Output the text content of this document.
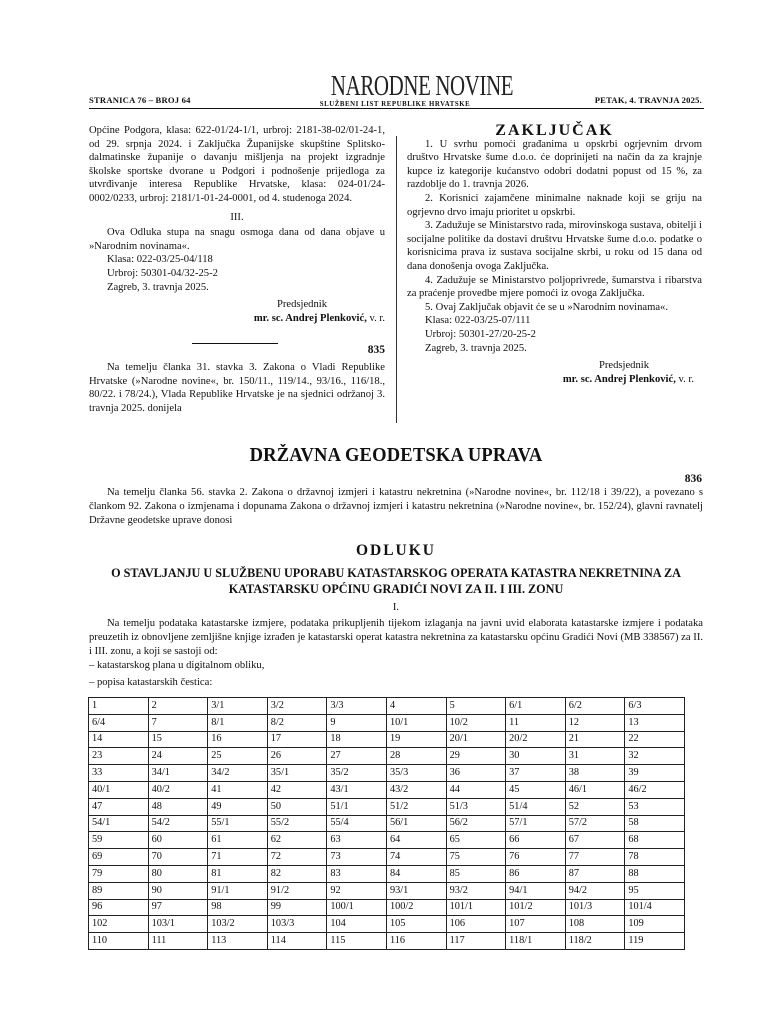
STRANICA 76 – BROJ 64	NARODNE NOVINE
SLUŽBENI LIST REPUBLIKE HRVATSKE	PETAK, 4. TRAVNJA 2025.

Općine Podgora, klasa: 622-01/24-1/1, urbroj: 2181-38-02/01-24-1, od 29. srpnja 2024. i Zaključka Županijske skupštine Splitsko-dalmatinske županije o davanju mišljenja na projekt izgradnje školske sportske dvorane u Podgori i podnošenje prijedloga za utvrđivanje interesa Republike Hrvatske, klasa: 024-01/24-0002/0233, urbroj: 2181/1-01-24-0001, od 4. studenoga 2024.

III.

Ova Odluka stupa na snagu osmoga dana od dana objave u »Narodnim novinama«.

Klasa: 022-03/25-04/118

Urbroj: 50301-04/32-25-2

Zagreb, 3. travnja 2025.

Predsjednik

mr. sc. Andrej Plenković, v. r.

835

Na temelju članka 31. stavka 3. Zakona o Vladi Republike Hrvatske (»Narodne novine«, br. 150/11., 119/14., 93/16., 116/18., 80/22. i 78/24.), Vlada Republike Hrvatske je na sjednici održanoj 3. travnja 2025. donijela

ZAKLJUČAK

1. U svrhu pomoći građanima u opskrbi ogrjevnim drvom društvo Hrvatske šume d.o.o. će doprinijeti na način da za krajnje kupce iz kategorije kućanstvo odobri dodatni popust od 15 %, za razdoblje do 1. travnja 2026.

2. Korisnici zajamčene minimalne naknade koji se griju na ogrjevno drvo imaju prioritet u opskrbi.

3. Zadužuje se Ministarstvo rada, mirovinskoga sustava, obitelji i socijalne politike da dostavi društvu Hrvatske šume d.o.o. podatke o korisnicima prava iz sustava socijalne skrbi, u roku od 15 dana od dana donošenja ovoga Zaključka.

4. Zadužuje se Ministarstvo poljoprivrede, šumarstva i ribarstva za praćenje provedbe mjere pomoći iz ovoga Zaključka.

5. Ovaj Zaključak objavit će se u »Narodnim novinama«.

Klasa: 022-03/25-07/111

Urbroj: 50301-27/20-25-2

Zagreb, 3. travnja 2025.

Predsjednik

mr. sc. Andrej Plenković, v. r.

DRŽAVNA GEODETSKA UPRAVA
836

Na temelju članka 56. stavka 2. Zakona o državnoj izmjeri i katastru nekretnina (»Narodne novine«, br. 112/18 i 39/22), a povezano s člankom 92. Zakona o izmjenama i dopunama Zakona o državnoj izmjeri i katastru nekretnina (»Narodne novine«, br. 152/24), glavni ravnatelj Državne geodetske uprave donosi

ODLUKU
O STAVLJANJU U SLUŽBENU UPORABU KATASTARSKOG OPERATA KATASTRA NEKRETNINA ZA
KATASTARSKU OPĆINU GRADIĆI NOVI ZA II. I III. ZONU
I.

Na temelju podataka katastarske izmjere, podataka prikupljenih tijekom izlaganja na javni uvid elaborata katastarske izmjere i podataka preuzetih iz obnovljene zemljišne knjige izrađen je katastarski operat katastra nekretnina za katastarsku općinu Gradići Novi (MB 338567) za II. i III. zonu, a koji se sastoji od:

– katastarskog plana u digitalnom obliku,

– popisa katastarskih čestica:

1	2	3/1	3/2	3/3	4	5	6/1	6/2	6/3
6/4	7	8/1	8/2	9	10/1	10/2	11	12	13
14	15	16	17	18	19	20/1	20/2	21	22
23	24	25	26	27	28	29	30	31	32
33	34/1	34/2	35/1	35/2	35/3	36	37	38	39
40/1	40/2	41	42	43/1	43/2	44	45	46/1	46/2
47	48	49	50	51/1	51/2	51/3	51/4	52	53
54/1	54/2	55/1	55/2	55/4	56/1	56/2	57/1	57/2	58
59	60	61	62	63	64	65	66	67	68
69	70	71	72	73	74	75	76	77	78
79	80	81	82	83	84	85	86	87	88
89	90	91/1	91/2	92	93/1	93/2	94/1	94/2	95
96	97	98	99	100/1	100/2	101/1	101/2	101/3	101/4
102	103/1	103/2	103/3	104	105	106	107	108	109
110	111	113	114	115	116	117	118/1	118/2	119
